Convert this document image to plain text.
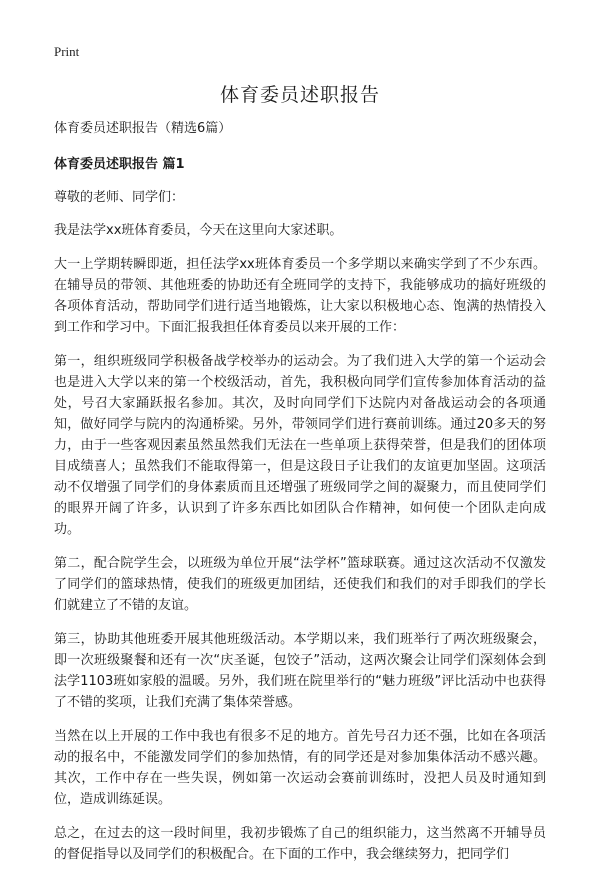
Print
体育委员述职报告

体育委员述职报告（精选6篇）

体育委员述职报告 篇1

尊敬的老师、同学们：

我是法学xx班体育委员，今天在这里向大家述职。

大一上学期转瞬即逝，担任法学xx班体育委员一个多学期以来确实学到了不少东西。在辅导员的带领、其他班委的协助还有全班同学的支持下，我能够成功的搞好班级的各项体育活动，帮助同学们进行适当地锻炼，让大家以积极地心态、饱满的热情投入到工作和学习中。下面汇报我担任体育委员以来开展的工作：

第一，组织班级同学积极备战学校举办的运动会。为了我们进入大学的第一个运动会也是进入大学以来的第一个校级活动，首先，我积极向同学们宣传参加体育活动的益处，号召大家踊跃报名参加。其次，及时向同学们下达院内对备战运动会的各项通知，做好同学与院内的沟通桥梁。另外，带领同学们进行赛前训练。通过20多天的努力，由于一些客观因素虽然虽然我们无法在一些单项上获得荣誉，但是我们的团体项目成绩喜人；虽然我们不能取得第一，但是这段日子让我们的友谊更加坚固。这项活动不仅增强了同学们的身体素质而且还增强了班级同学之间的凝聚力，而且使同学们的眼界开阔了许多，认识到了许多东西比如团队合作精神，如何使一个团队走向成功。

第二，配合院学生会，以班级为单位开展“法学杯”篮球联赛。通过这次活动不仅激发了同学们的篮球热情，使我们的班级更加团结，还使我们和我们的对手即我们的学长们就建立了不错的友谊。

第三，协助其他班委开展其他班级活动。本学期以来，我们班举行了两次班级聚会，即一次班级聚餐和还有一次“庆圣诞，包饺子”活动，这两次聚会让同学们深刻体会到法学1103班如家般的温暖。另外，我们班在院里举行的“魅力班级”评比活动中也获得了不错的奖项，让我们充满了集体荣誉感。

当然在以上开展的工作中我也有很多不足的地方。首先号召力还不强，比如在各项活动的报名中，不能激发同学们的参加热情，有的同学还是对参加集体活动不感兴趣。其次，工作中存在一些失误，例如第一次运动会赛前训练时，没把人员及时通知到位，造成训练延误。

总之，在过去的这一段时间里，我初步锻炼了自己的组织能力，这当然离不开辅导员的督促指导以及同学们的积极配合。在下面的工作中，我会继续努力，把同学们
